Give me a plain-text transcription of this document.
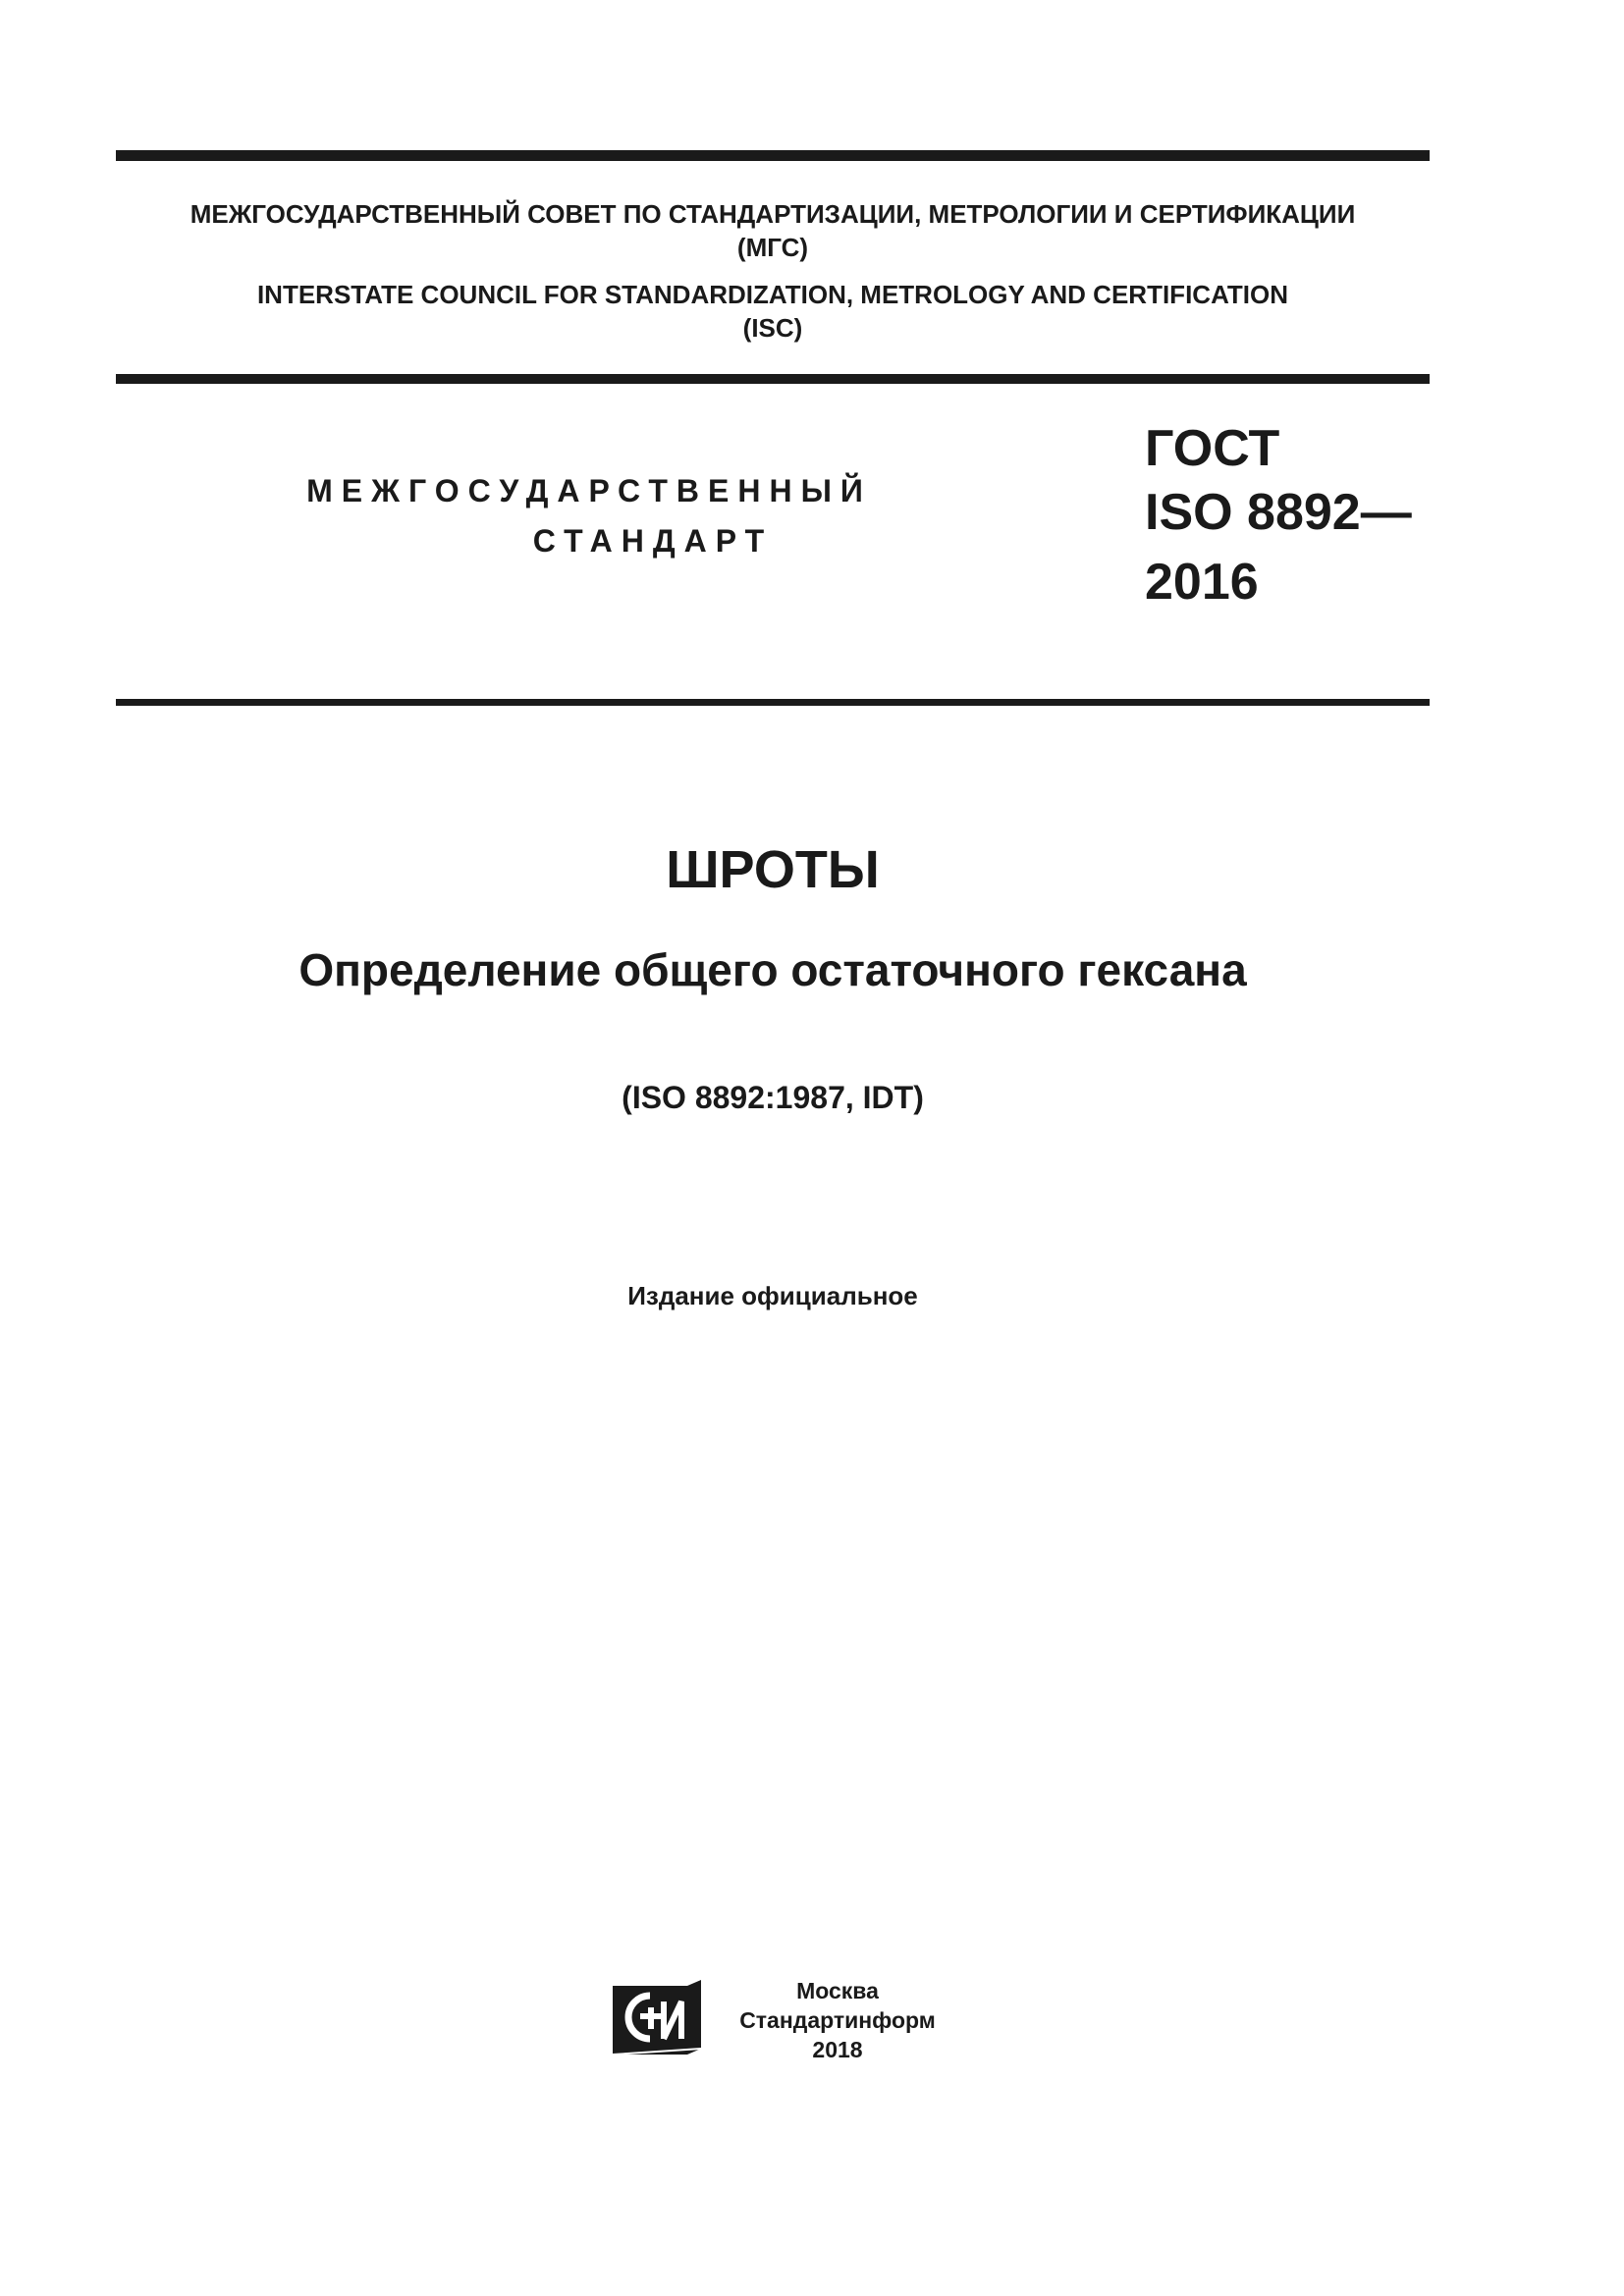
МЕЖГОСУДАРСТВЕННЫЙ СОВЕТ ПО СТАНДАРТИЗАЦИИ, МЕТРОЛОГИИ И СЕРТИФИКАЦИИ
(МГС)
INTERSTATE COUNCIL FOR STANDARDIZATION, METROLOGY AND CERTIFICATION
(ISC)
МЕЖГОСУДАРСТВЕННЫЙ
СТАНДАРТ
ГОСТ
ISO 8892—
2016
ШРОТЫ
Определение общего остаточного гексана
(ISO 8892:1987, IDT)
Издание официальное
Москва
Стандартинформ
2018
